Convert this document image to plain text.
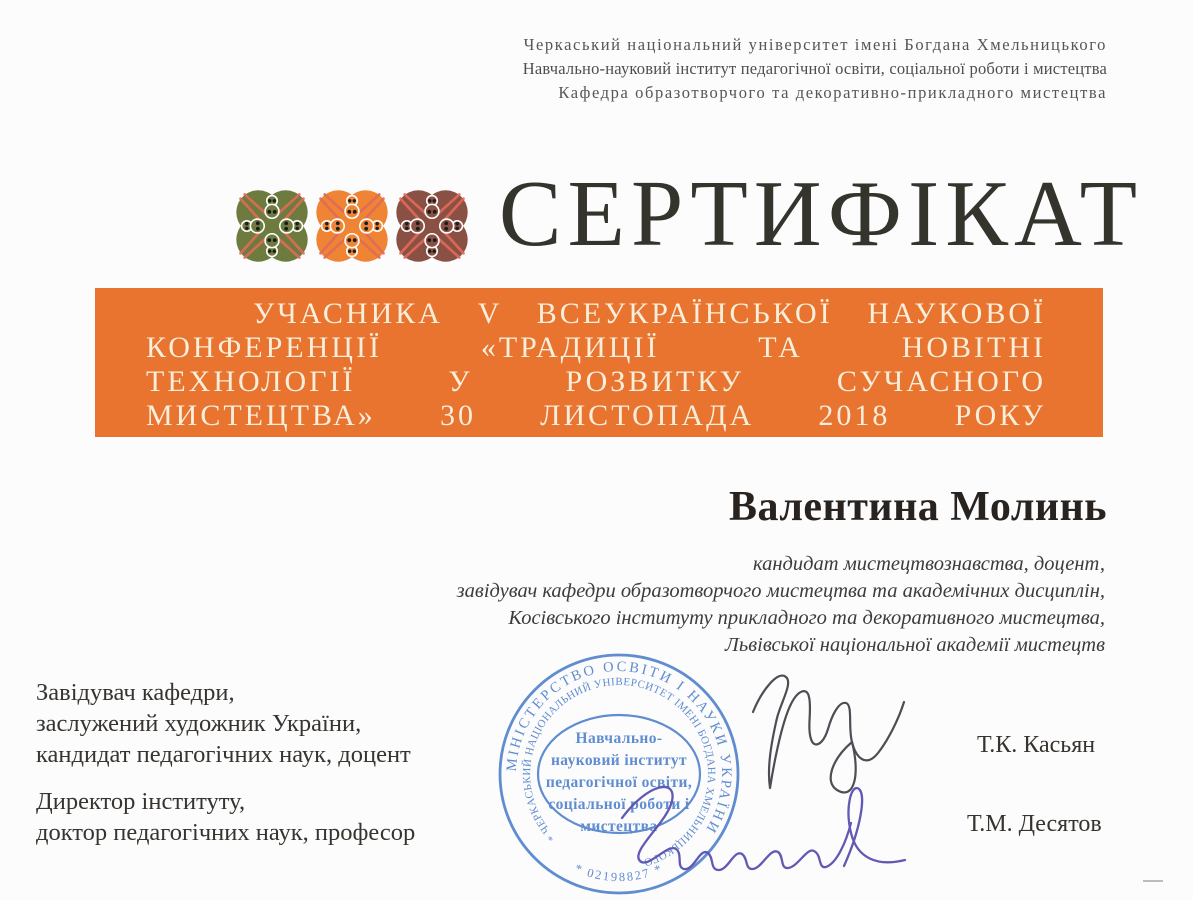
Черкаський національний університет імені Богдана Хмельницького
Навчально-науковий інститут педагогічної освіти, соціальної роботи і мистецтва
Кафедра образотворчого та декоративно-прикладного мистецтва
СЕРТИФІКАТ
УЧАСНИКА V ВСЕУКРАЇНСЬКОЇ НАУКОВОЇ
КОНФЕРЕНЦІЇ «ТРАДИЦІЇ ТА НОВІТНІ
ТЕХНОЛОГІЇ У РОЗВИТКУ СУЧАСНОГО
МИСТЕЦТВА» 30 ЛИСТОПАДА 2018 РОКУ
Валентина Молинь
кандидат мистецтвознавства, доцент,
завідувач кафедри образотворчого мистецтва та академічних дисциплін,
Косівського інституту прикладного та декоративного мистецтва,
Львівської національної академії мистецтв
Завідувач кафедри,
заслужений художник України,
кандидат педагогічних наук, доцент
Директор інституту,
доктор педагогічних наук, професор
МІНІСТЕРСТВО ОСВІТИ І НАУКИ УКРАЇНИ
* ЧЕРКАСЬКИЙ НАЦІОНАЛЬНИЙ УНІВЕРСИТЕТ ІМЕНІ БОГДАНА ХМЕЛЬНИЦЬКОГО
* 02198827 *
Навчально-
науковий інститут
педагогічної освіти,
соціальної роботи і
мистецтва
Т.К. Касьян
Т.М. Десятов
